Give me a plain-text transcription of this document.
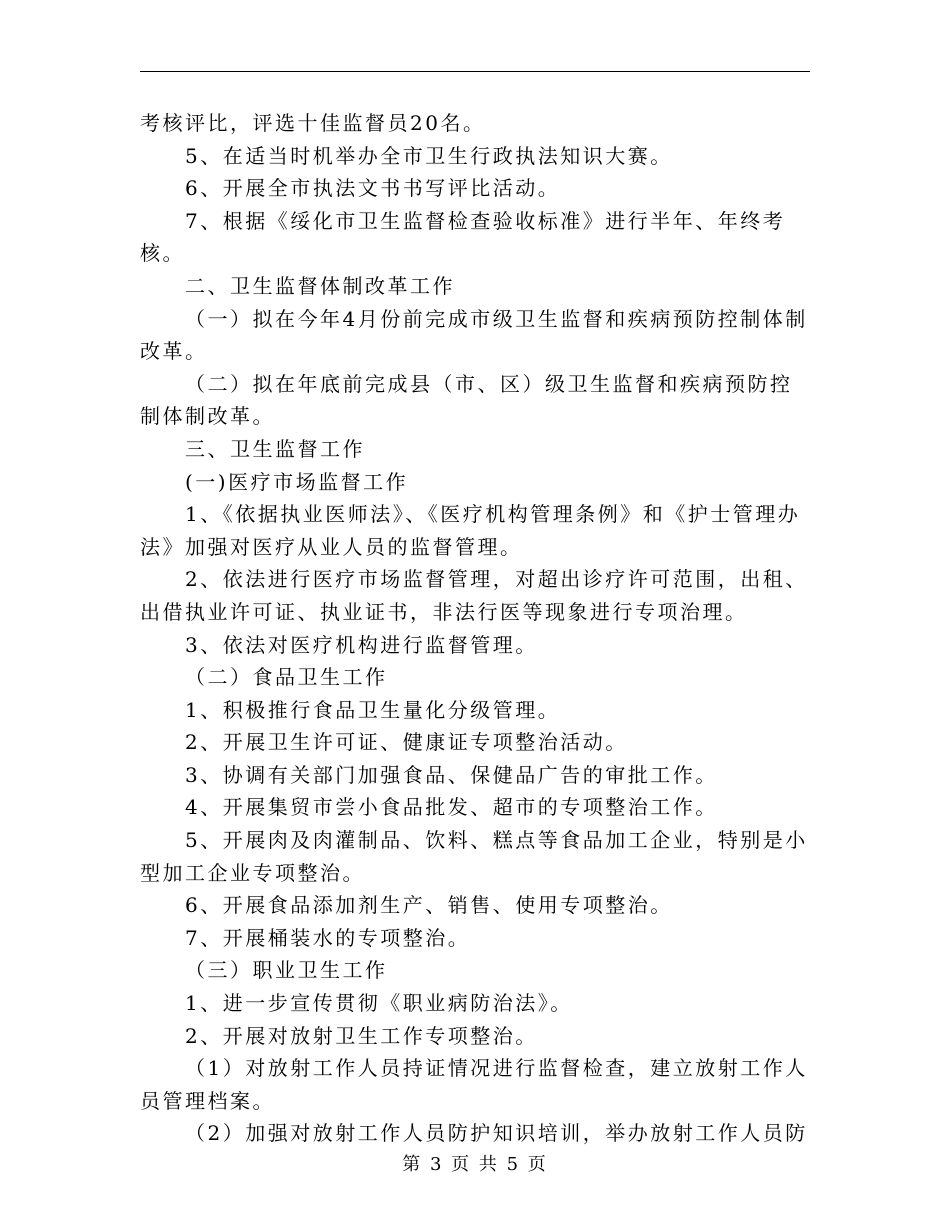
考核评比，评选十佳监督员20名。

5、在适当时机举办全市卫生行政执法知识大赛。

6、开展全市执法文书书写评比活动。

7、根据《绥化市卫生监督检查验收标准》进行半年、年终考核。

二、卫生监督体制改革工作

（一）拟在今年4月份前完成市级卫生监督和疾病预防控制体制改革。

（二）拟在年底前完成县（市、区）级卫生监督和疾病预防控制体制改革。

三、卫生监督工作

(一)医疗市场监督工作

1、《依据执业医师法》、《医疗机构管理条例》和《护士管理办法》加强对医疗从业人员的监督管理。

2、依法进行医疗市场监督管理，对超出诊疗许可范围，出租、出借执业许可证、执业证书，非法行医等现象进行专项治理。

3、依法对医疗机构进行监督管理。

（二）食品卫生工作

1、积极推行食品卫生量化分级管理。

2、开展卫生许可证、健康证专项整治活动。

3、协调有关部门加强食品、保健品广告的审批工作。

4、开展集贸市尝小食品批发、超市的专项整治工作。

5、开展肉及肉灌制品、饮料、糕点等食品加工企业，特别是小型加工企业专项整治。

6、开展食品添加剂生产、销售、使用专项整治。

7、开展桶装水的专项整治。

（三）职业卫生工作

1、进一步宣传贯彻《职业病防治法》。

2、开展对放射卫生工作专项整治。

（1）对放射工作人员持证情况进行监督检查，建立放射工作人员管理档案。

（2）加强对放射工作人员防护知识培训，举办放射工作人员防

第 3 页 共 5 页
